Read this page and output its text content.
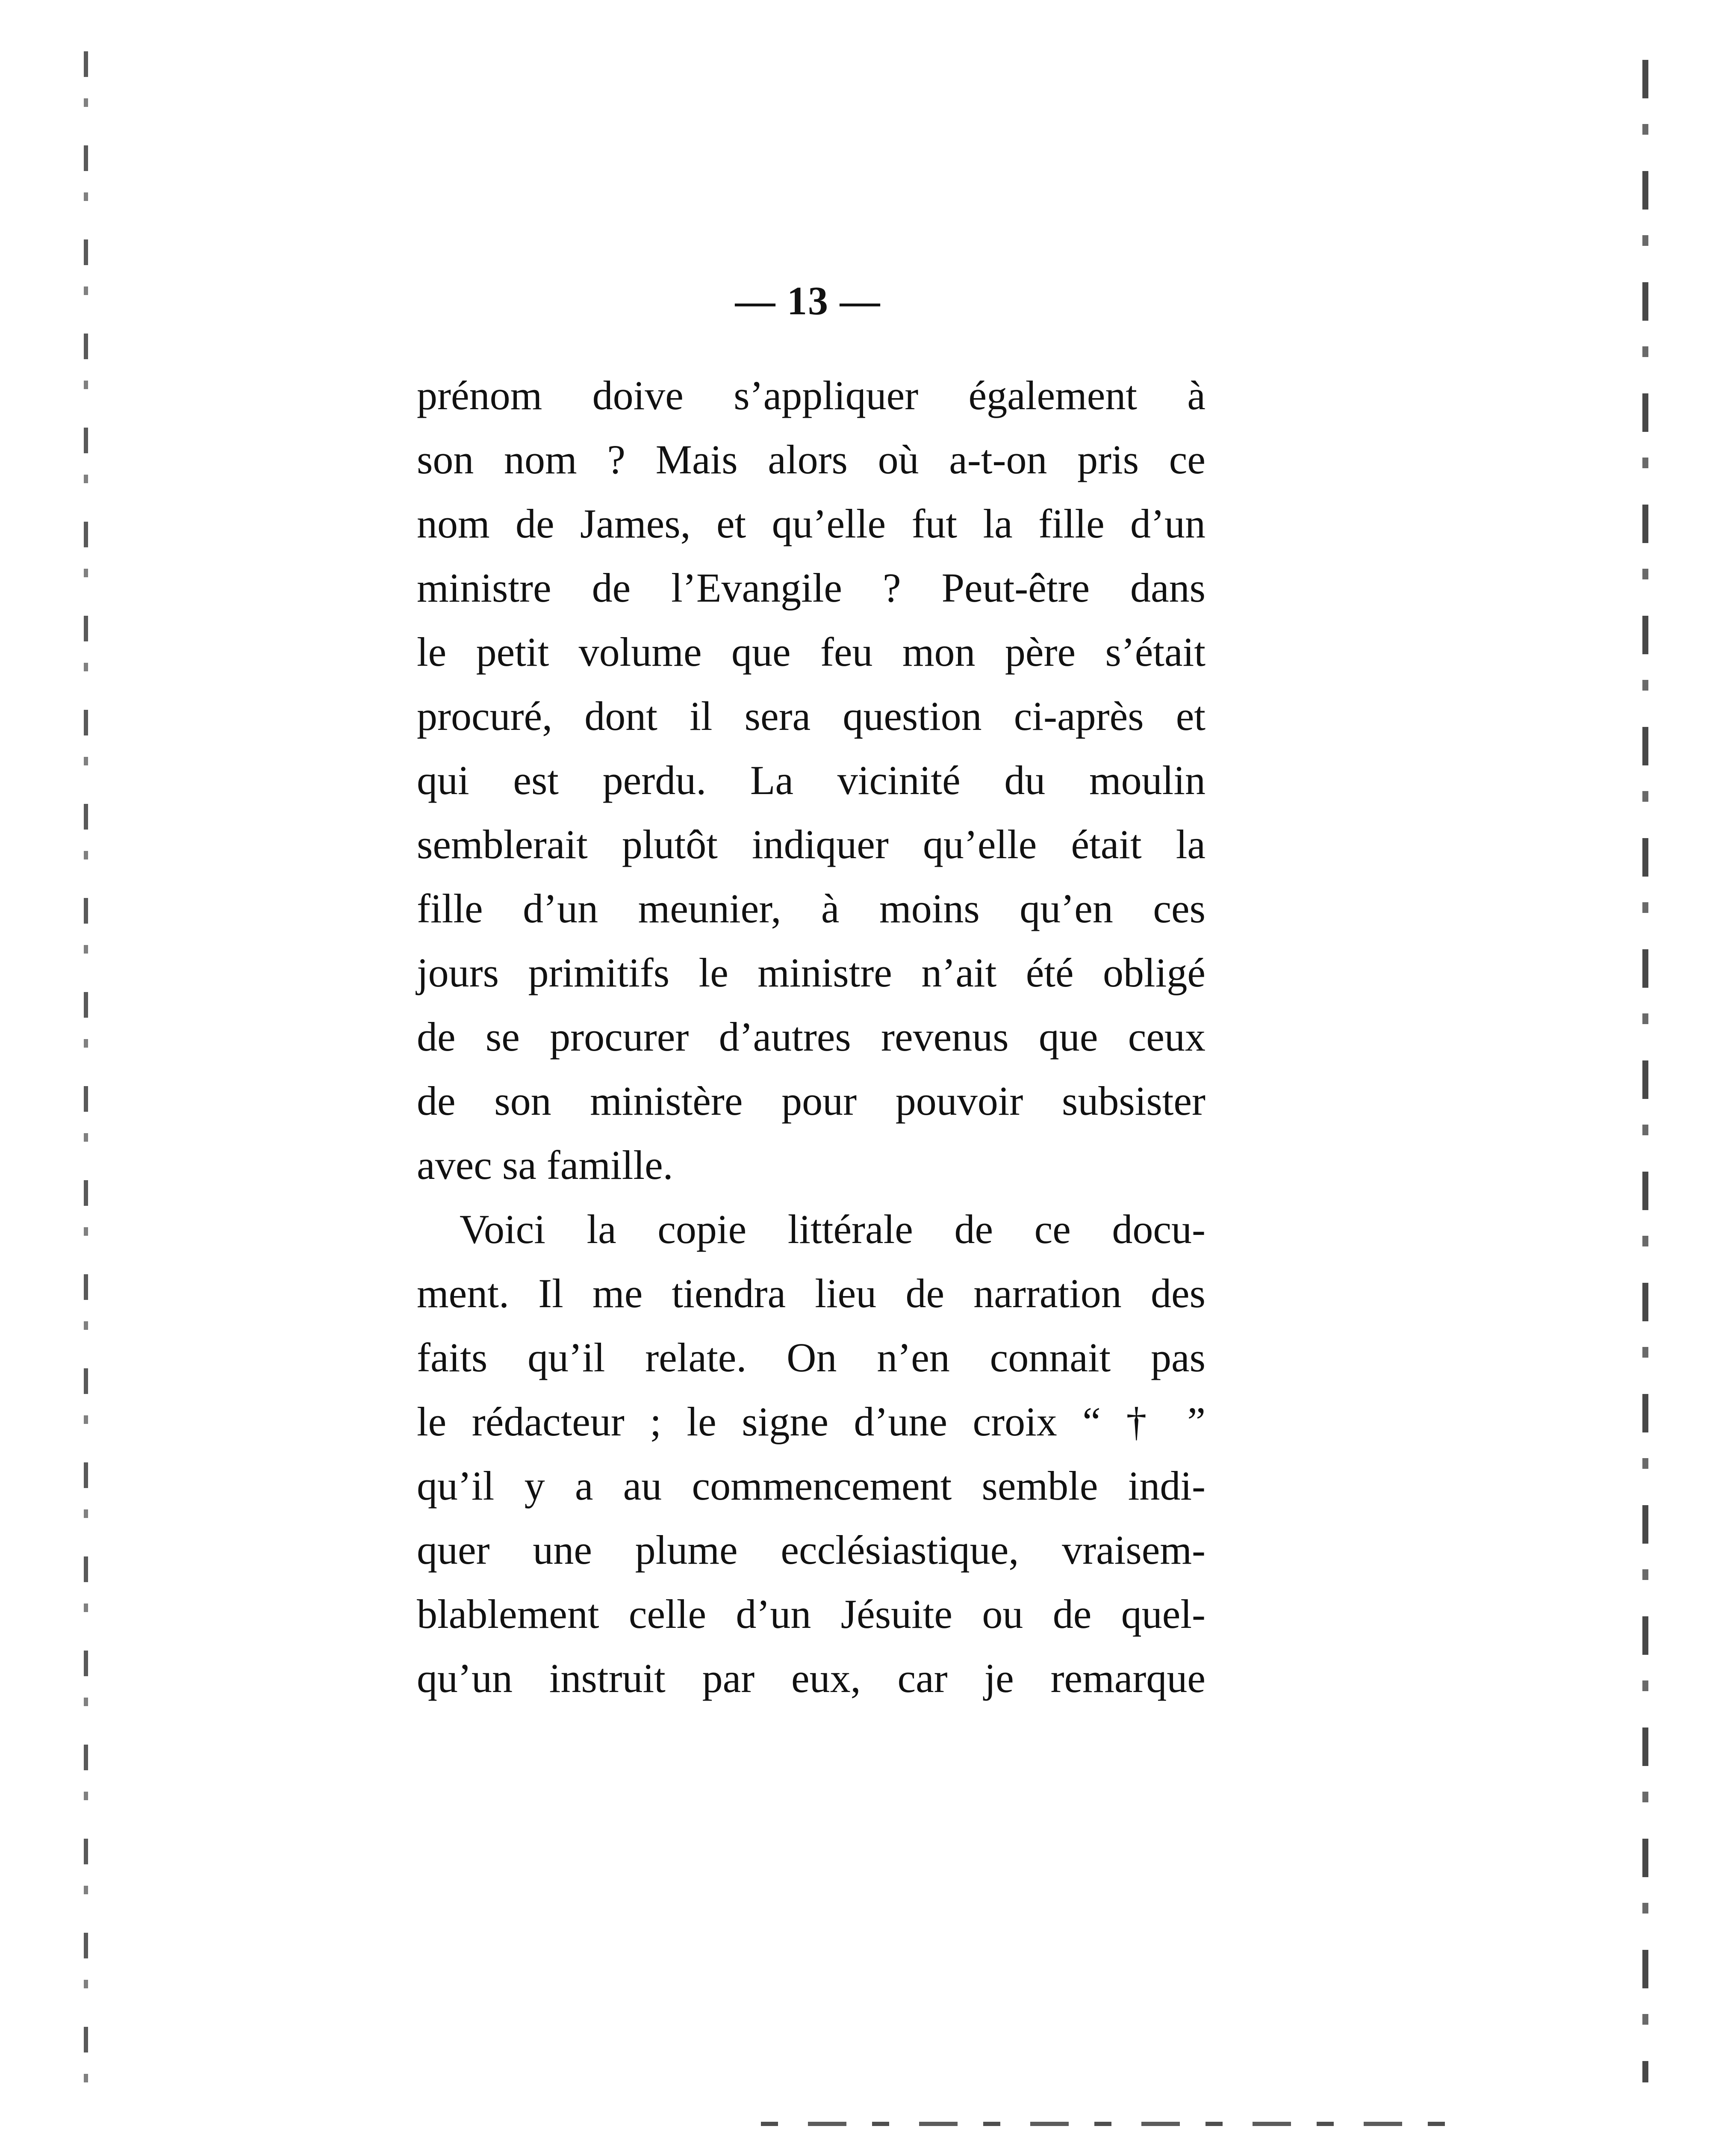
— 13 —
prénom doive s’appliquer également à
son nom ? Mais alors où a-t-on pris ce
nom de James, et qu’elle fut la fille d’un
ministre de l’Evangile ? Peut-être dans
le petit volume que feu mon père s’était
procuré, dont il sera question ci-après et
qui est perdu. La vicinité du moulin
semblerait plutôt indiquer qu’elle était la
fille d’un meunier, à moins qu’en ces
jours primitifs le ministre n’ait été obligé
de se procurer d’autres revenus que ceux
de son ministère pour pouvoir subsister
avec sa famille.
Voici la copie littérale de ce docu-
ment. Il me tiendra lieu de narration des
faits qu’il relate. On n’en connait pas
le rédacteur ; le signe d’une croix “ † ”
qu’il y a au commencement semble indi-
quer une plume ecclésiastique, vraisem-
blablement celle d’un Jésuite ou de quel-
qu’un instruit par eux, car je remarque
